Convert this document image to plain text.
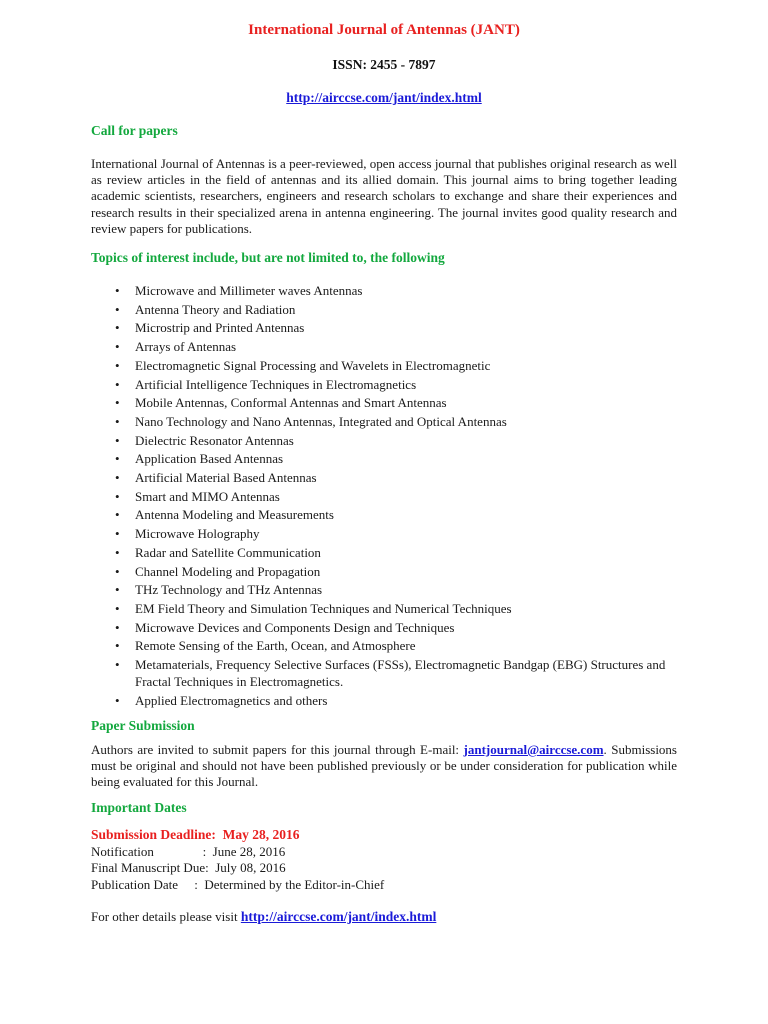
International Journal of Antennas (JANT)
ISSN: 2455 - 7897
http://airccse.com/jant/index.html
Call for papers
International Journal of Antennas is a peer-reviewed, open access journal that publishes original research as well as review articles in the field of antennas and its allied domain. This journal aims to bring together leading academic scientists, researchers, engineers and research scholars to exchange and share their experiences and research results in their specialized arena in antenna engineering. The journal invites good quality research and review papers for publications.
Topics of interest include, but are not limited to, the following
• Microwave and Millimeter waves Antennas
• Antenna Theory and Radiation
• Microstrip and Printed Antennas
• Arrays of Antennas
• Electromagnetic Signal Processing and Wavelets in Electromagnetic
• Artificial Intelligence Techniques in Electromagnetics
• Mobile Antennas, Conformal Antennas and Smart Antennas
• Nano Technology and Nano Antennas, Integrated and Optical Antennas
• Dielectric Resonator Antennas
• Application Based Antennas
• Artificial Material Based Antennas
• Smart and MIMO Antennas
• Antenna Modeling and Measurements
• Microwave Holography
• Radar and Satellite Communication
• Channel Modeling and Propagation
• THz Technology and THz Antennas
• EM Field Theory and Simulation Techniques and Numerical Techniques
• Microwave Devices and Components Design and Techniques
• Remote Sensing of the Earth, Ocean, and Atmosphere
• Metamaterials, Frequency Selective Surfaces (FSSs), Electromagnetic Bandgap (EBG) Structures and Fractal Techniques in Electromagnetics.
• Applied Electromagnetics and others
Paper Submission
Authors are invited to submit papers for this journal through E-mail: jantjournal@airccse.com. Submissions must be original and should not have been published previously or be under consideration for publication while being evaluated for this Journal.
Important Dates
Submission Deadline:  May 28, 2016
Notification               :  June 28, 2016
Final Manuscript Due:  July 08, 2016
Publication Date     :  Determined by the Editor-in-Chief
For other details please visit http://airccse.com/jant/index.html
